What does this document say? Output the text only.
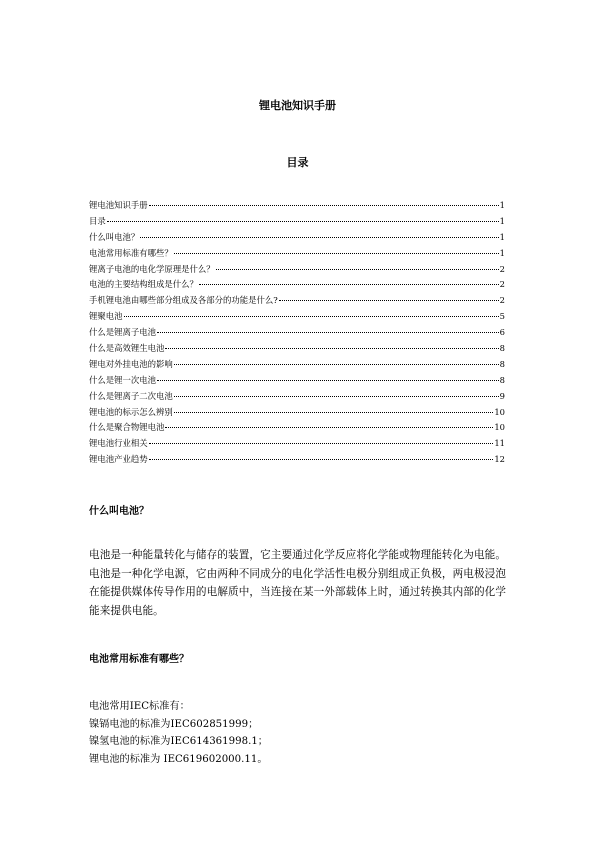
锂电池知识手册
目录
锂电池知识手册	1
目录	1
什么叫电池？	1
电池常用标准有哪些？	1
锂离子电池的电化学原理是什么？	2
电池的主要结构组成是什么？	2
手机锂电池由哪些部分组成及各部分的功能是什么?	2
锂聚电池	5
什么是锂离子电池	6
什么是高效锂生电池	8
锂电对外挂电池的影响	8
什么是锂一次电池	8
什么是锂离子二次电池	9
锂电池的标示怎么辨别	10
什么是聚合物锂电池	10
锂电池行业相关	11
锂电池产业趋势	12
什么叫电池？

电池是一种能量转化与储存的装置，它主要通过化学反应将化学能或物理能转化为电能。电池是一种化学电源，它由两种不同成分的电化学活性电极分别组成正负极，两电极浸泡在能提供媒体传导作用的电解质中，当连接在某一外部载体上时，通过转换其内部的化学能来提供电能。

电池常用标准有哪些？
电池常用IEC标准有：
镍镉电池的标准为IEC602851999；
镍氢电池的标准为IEC614361998.1；
锂电池的标准为 IEC619602000.11。
